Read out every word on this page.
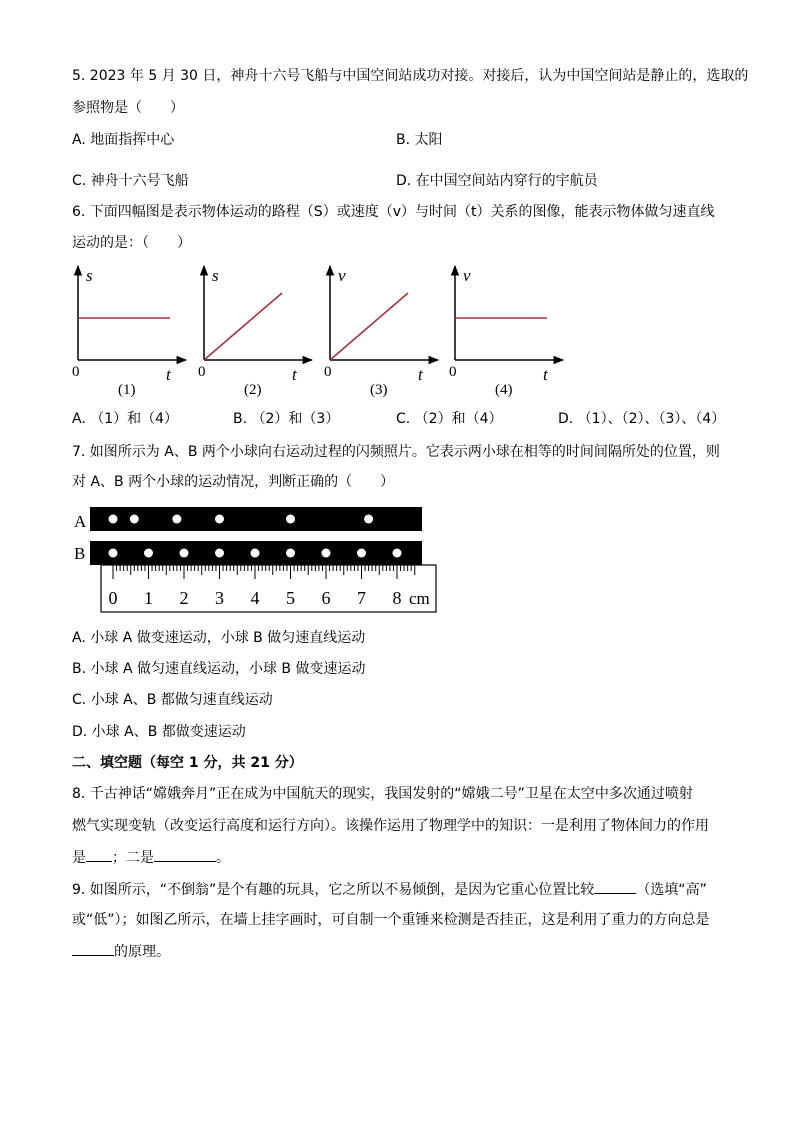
5. 2023 年 5 月 30 日，神舟十六号飞船与中国空间站成功对接。对接后，认为中国空间站是静止的，选取的
参照物是（　　）
A. 地面指挥中心	B. 太阳
C. 神舟十六号飞船	D. 在中国空间站内穿行的宇航员
6. 下面四幅图是表示物体运动的路程（S）或速度（v）与时间（t）关系的图像，能表示物体做匀速直线
运动的是：（　　）
s
t
0
(1)
s
t
0
(2)
v
t
0
(3)
v
t
0
(4)
A. （1）和（4）	B. （2）和（3）	C. （2）和（4）	D. （1）、（2）、（3）、（4）
7. 如图所示为 A、B 两个小球向右运动过程的闪频照片。它表示两小球在相等的时间间隔所处的位置，则
对 A、B 两个小球的运动情况，判断正确的（　　）
A
B
0 1 2 3 4 5 6 7 8 cm
A. 小球 A 做变速运动，小球 B 做匀速直线运动
B. 小球 A 做匀速直线运动，小球 B 做变速运动
C. 小球 A、B 都做匀速直线运动
D. 小球 A、B 都做变速运动
二、填空题（每空 1 分，共 21 分）
8. 千古神话“嫦娥奔月”正在成为中国航天的现实，我国发射的“嫦娥二号”卫星在太空中多次通过喷射
燃气实现变轨（改变运行高度和运行方向）。该操作运用了物理学中的知识：一是利用了物体间力的作用
是 ；二是	。
9. 如图所示，“不倒翁”是个有趣的玩具，它之所以不易倾倒，是因为它重心位置比较	（选填“高”
或“低”）；如图乙所示，在墙上挂字画时，可自制一个重锤来检测是否挂正，这是利用了重力的方向总是
的原理。
